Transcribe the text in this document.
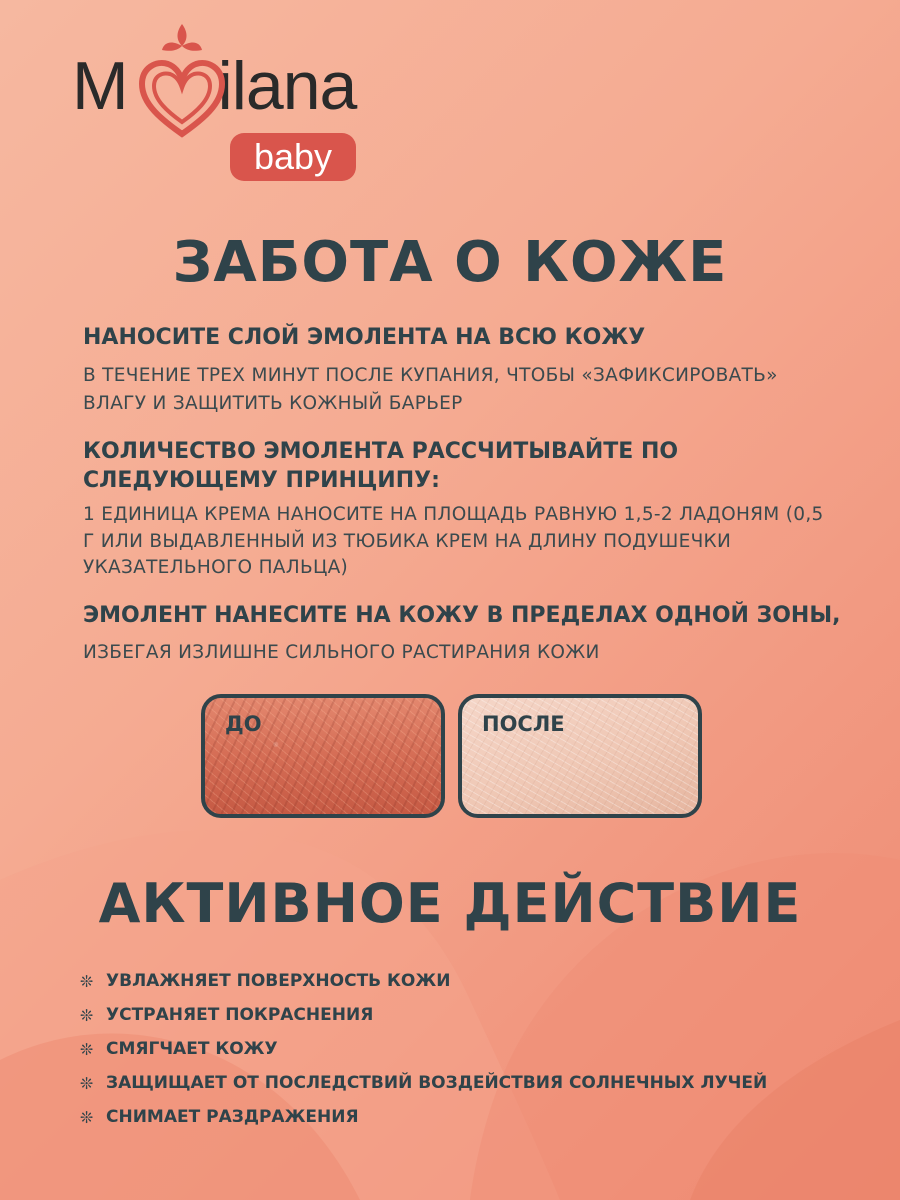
M ilana
baby
ЗАБОТА О КОЖЕ
НАНОСИТЕ СЛОЙ ЭМОЛЕНТА НА ВСЮ КОЖУ
В ТЕЧЕНИЕ ТРЕХ МИНУТ ПОСЛЕ КУПАНИЯ, ЧТОБЫ «ЗАФИКСИРОВАТЬ»
ВЛАГУ И ЗАЩИТИТЬ КОЖНЫЙ БАРЬЕР
КОЛИЧЕСТВО ЭМОЛЕНТА РАССЧИТЫВАЙТЕ ПО
СЛЕДУЮЩЕМУ ПРИНЦИПУ:
1 ЕДИНИЦА КРЕМА НАНОСИТЕ НА ПЛОЩАДЬ РАВНУЮ 1,5-2 ЛАДОНЯМ (0,5
Г ИЛИ ВЫДАВЛЕННЫЙ ИЗ ТЮБИКА КРЕМ НА ДЛИНУ ПОДУШЕЧКИ
УКАЗАТЕЛЬНОГО ПАЛЬЦА)
ЭМОЛЕНТ НАНЕСИТЕ НА КОЖУ В ПРЕДЕЛАХ ОДНОЙ ЗОНЫ,
ИЗБЕГАЯ ИЗЛИШНЕ СИЛЬНОГО РАСТИРАНИЯ КОЖИ
ДО	ПОСЛЕ
АКТИВНОЕ ДЕЙСТВИЕ
❊ УВЛАЖНЯЕТ ПОВЕРХНОСТЬ КОЖИ
❊ УСТРАНЯЕТ ПОКРАСНЕНИЯ
❊ СМЯГЧАЕТ КОЖУ
❊ ЗАЩИЩАЕТ ОТ ПОСЛЕДСТВИЙ ВОЗДЕЙСТВИЯ СОЛНЕЧНЫХ ЛУЧЕЙ
❊ СНИМАЕТ РАЗДРАЖЕНИЯ
